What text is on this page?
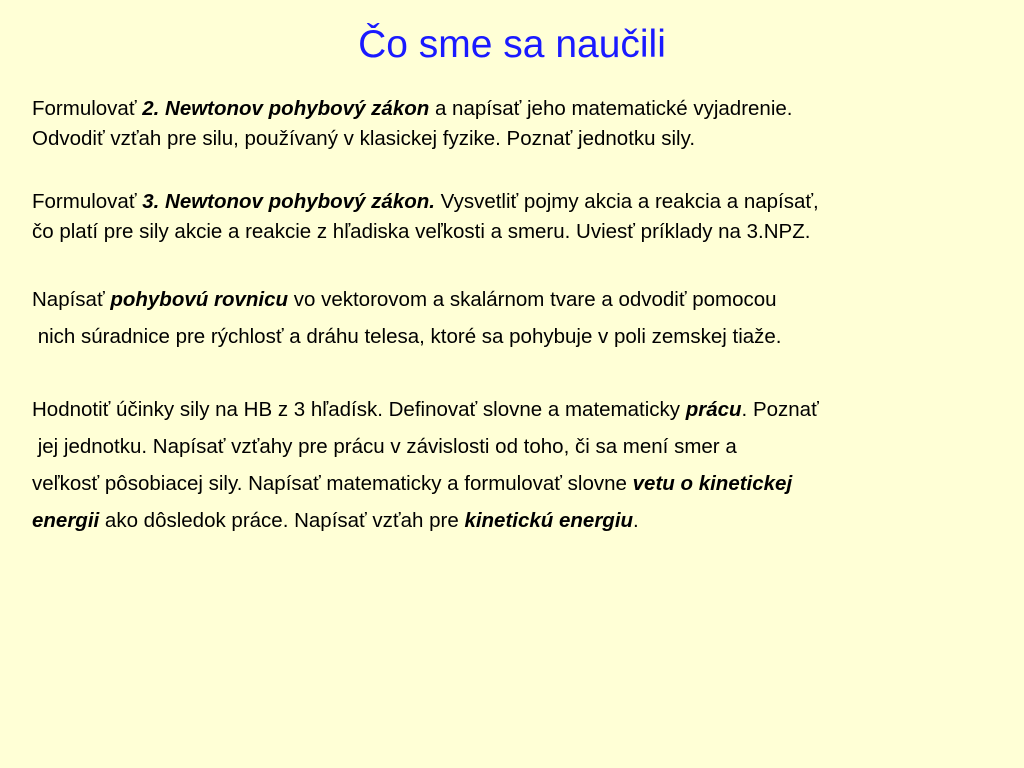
Čo sme sa naučili
Formulovať 2. Newtonov pohybový zákon a napísať jeho matematické vyjadrenie.
Odvodiť vzťah pre silu, používaný v klasickej fyzike. Poznať jednotku sily.
Formulovať 3. Newtonov pohybový zákon. Vysvetliť pojmy akcia a reakcia a napísať,
čo platí pre sily akcie a reakcie z hľadiska veľkosti a smeru. Uviesť príklady na 3.NPZ.
Napísať pohybovú rovnicu vo vektorovom a skalárnom tvare a odvodiť pomocou
nich súradnice pre rýchlosť a dráhu telesa, ktoré sa pohybuje v poli zemskej tiaže.
Hodnotiť účinky sily na HB z 3 hľadísk. Definovať slovne a matematicky prácu. Poznať
jej jednotku. Napísať vzťahy pre prácu v závislosti od toho, či sa mení smer a
veľkosť pôsobiacej sily. Napísať matematicky a formulovať slovne vetu o kinetickej
energii ako dôsledok práce. Napísať vzťah pre kinetickú energiu.
